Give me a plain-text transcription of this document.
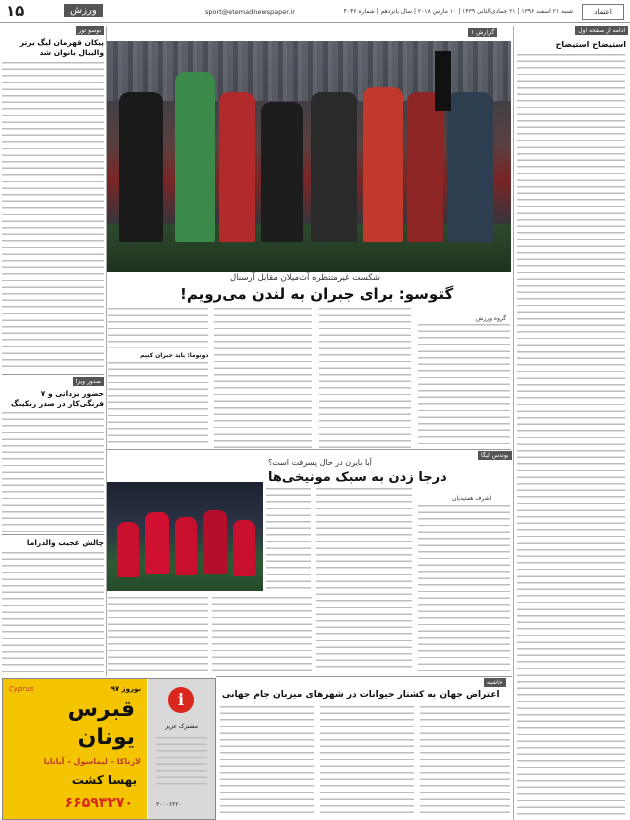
۱۵	ورزش	sport@etemadnewspaper.ir	شنبه ۲۱ اسفند ۱۳۹۶ | ۲۱ جمادی‌الثانی ۱۴۳۹ | ۱۰ مارس ۲۰۱۸ | سال پانزدهم | شماره ۴۰۴۶	اعتماد
ادامه از صفحه اول
استیضاح استیضاح
گزارش ۱
شکست غیرمنتظره آث‌میلان مقابل آرسنال
گتوسو: برای جبران به لندن می‌رویم!
گروه ورزش
دونوما: باید جبران کنیم
بوندس لیگا
آیا بایرن در حال پسرفت است؟
درجا زدن به سبک مونیخی‌ها
اشرف همتیدیان
نوسو تور
پیکان قهرمان لیگ برتر والیبال بانوان شد
صدور ویزا
حضور یزدانی و ۷ فرنگی‌کار در صدر رنکینگ
چالش عجیب والدراما
حاشیه
اعتراض جهان به کشتار حیوانات در شهرهای میزبان جام جهانی
نوروز ۹۷
Cyprus
قبرس
یونان
لارناکا - لیماسول - آیانایا
بهسا کشت
۶۶۵۹۳۲۷۰
i
مشترک عزیز
۳۰۰۰۶۳۲۰
